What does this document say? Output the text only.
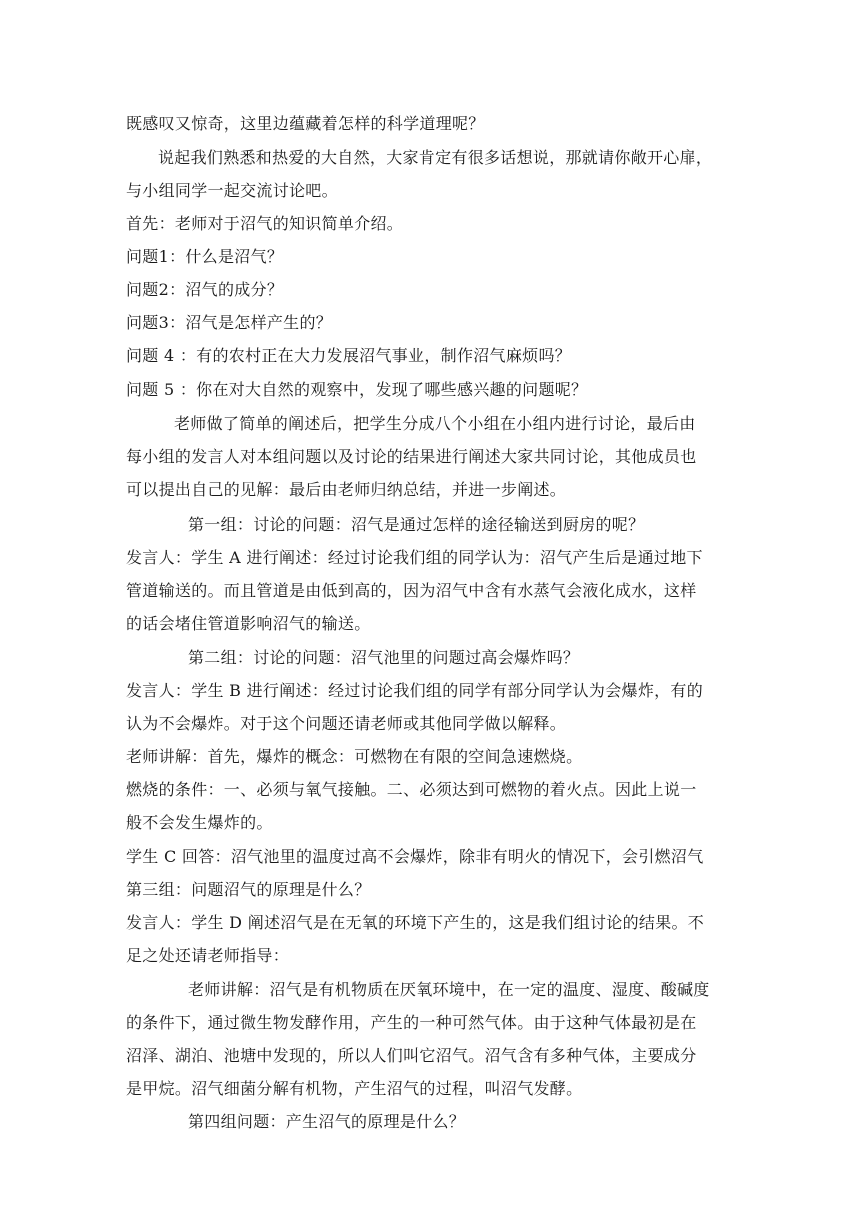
既感叹又惊奇，这里边蕴藏着怎样的科学道理呢？
说起我们熟悉和热爱的大自然，大家肯定有很多话想说，那就请你敞开心扉，
与小组同学一起交流讨论吧。
首先：老师对于沼气的知识简单介绍。
问题1：什么是沼气？
问题2：沼气的成分？
问题3：沼气是怎样产生的？
问题 4 ：有的农村正在大力发展沼气事业，制作沼气麻烦吗？
问题 5 ：你在对大自然的观察中，发现了哪些感兴趣的问题呢？
老师做了简单的阐述后，把学生分成八个小组在小组内进行讨论，最后由
每小组的发言人对本组问题以及讨论的结果进行阐述大家共同讨论，其他成员也
可以提出自己的见解：最后由老师归纳总结，并进一步阐述。
第一组：讨论的问题：沼气是通过怎样的途径输送到厨房的呢？
发言人：学生 A 进行阐述：经过讨论我们组的同学认为：沼气产生后是通过地下
管道输送的。而且管道是由低到高的，因为沼气中含有水蒸气会液化成水，这样
的话会堵住管道影响沼气的输送。
第二组：讨论的问题：沼气池里的问题过高会爆炸吗？
发言人：学生 B 进行阐述：经过讨论我们组的同学有部分同学认为会爆炸，有的
认为不会爆炸。对于这个问题还请老师或其他同学做以解释。
老师讲解：首先，爆炸的概念：可燃物在有限的空间急速燃烧。
燃烧的条件：一、必须与氧气接触。二、必须达到可燃物的着火点。因此上说一
般不会发生爆炸的。
学生 C 回答：沼气池里的温度过高不会爆炸，除非有明火的情况下，会引燃沼气
第三组：问题沼气的原理是什么？
发言人：学生 D 阐述沼气是在无氧的环境下产生的，这是我们组讨论的结果。不
足之处还请老师指导：
老师讲解：沼气是有机物质在厌氧环境中，在一定的温度、湿度、酸碱度
的条件下，通过微生物发酵作用，产生的一种可然气体。由于这种气体最初是在
沼泽、湖泊、池塘中发现的，所以人们叫它沼气。沼气含有多种气体，主要成分
是甲烷。沼气细菌分解有机物，产生沼气的过程，叫沼气发酵。
第四组问题：产生沼气的原理是什么？
